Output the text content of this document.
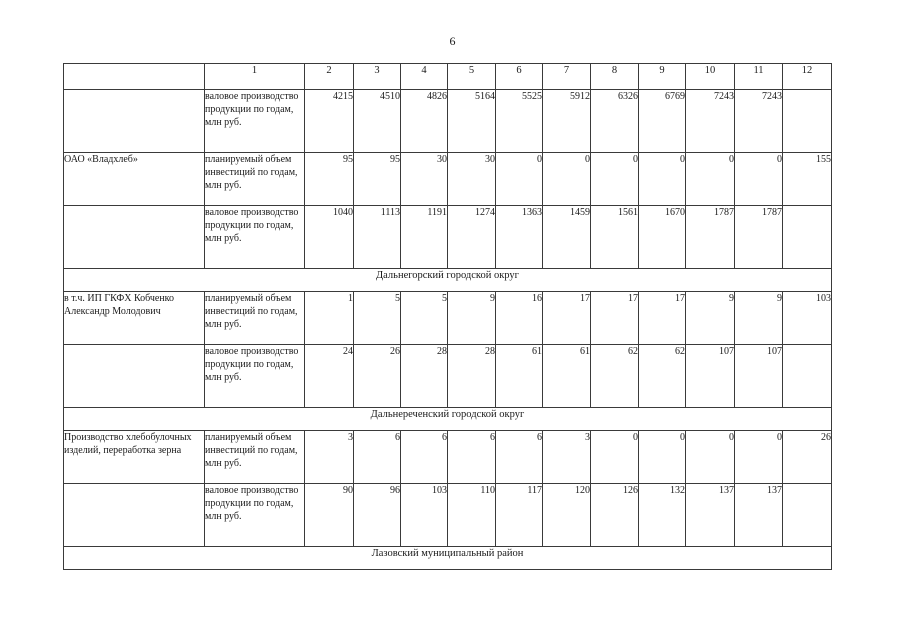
6
	1	2	3	4	5	6	7	8	9	10	11	12
	валовое производство продукции по годам, млн руб.	4215	4510	4826	5164	5525	5912	6326	6769	7243	7243	
ОАО «Владхлеб»	планируемый объем инвестиций по годам, млн руб.	95	95	30	30	0	0	0	0	0	0	155
	валовое производство продукции по годам, млн руб.	1040	1113	1191	1274	1363	1459	1561	1670	1787	1787	
Дальнегорский городской округ												
в т.ч. ИП ГКФХ Кобченко Александр Молодович	планируемый объем инвестиций по годам, млн руб.	1	5	5	9	16	17	17	17	9	9	103
	валовое производство продукции по годам, млн руб.	24	26	28	28	61	61	62	62	107	107	
Дальнереченский городской округ												
Производство хлебобулочных изделий, переработка зерна	планируемый объем инвестиций по годам, млн руб.	3	6	6	6	6	3	0	0	0	0	26
	валовое производство продукции по годам, млн руб.	90	96	103	110	117	120	126	132	137	137	
Лазовский муниципальный район												
